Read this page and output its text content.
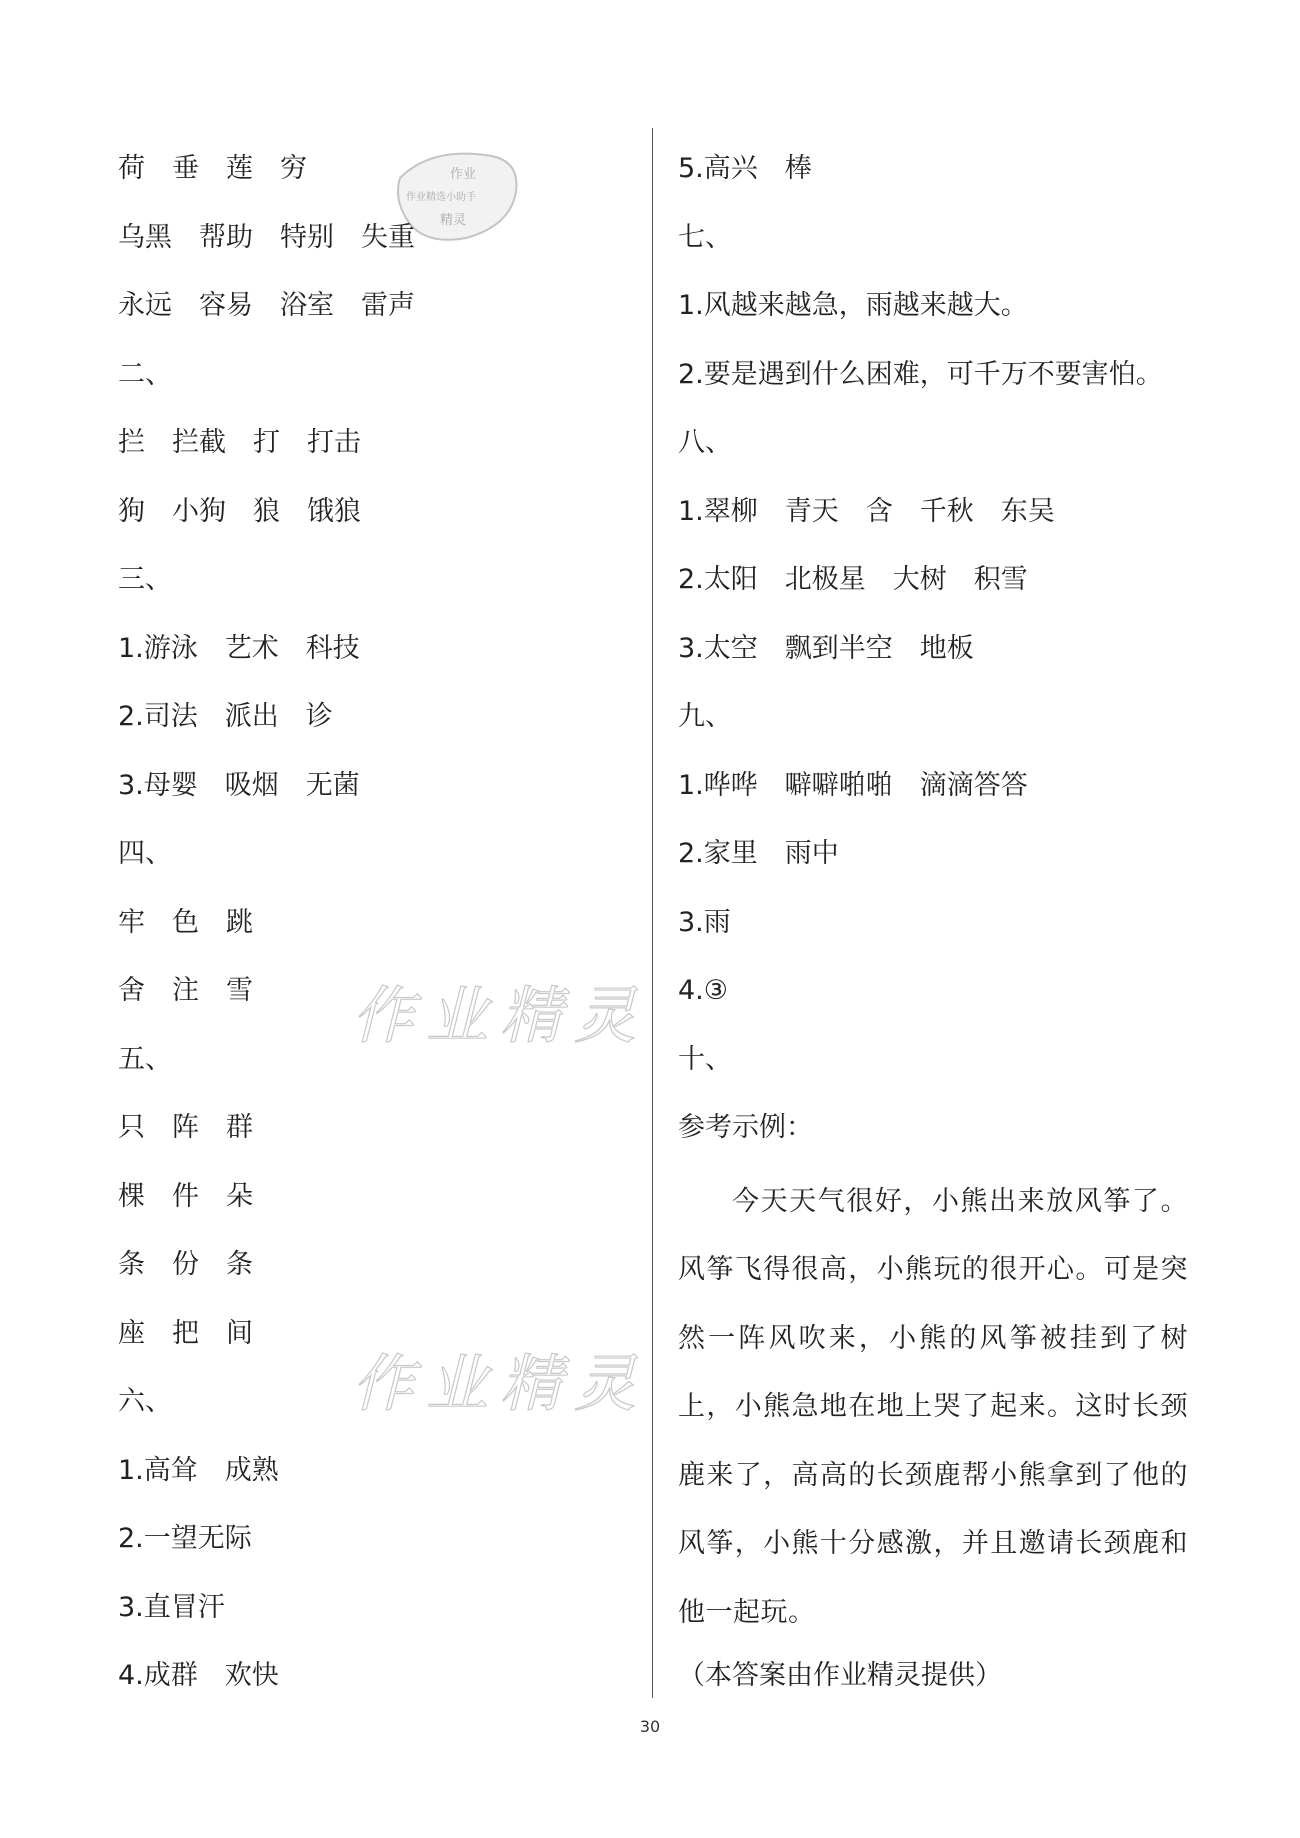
作业
作业精选小助手
精灵
作业精灵
作业精灵
荷　垂　莲　穷
乌黑　帮助　特别　失重
永远　容易　浴室　雷声
二、
拦　拦截　打　打击
狗　小狗　狼　饿狼
三、
1.游泳　艺术　科技
2.司法　派出　诊
3.母婴　吸烟　无菌
四、
牢　色　跳
舍　注　雪
五、
只　阵　群
棵　件　朵
条　份　条
座　把　间
六、
1.高耸　成熟
2.一望无际
3.直冒汗
4.成群　欢快
5.高兴　棒
七、
1.风越来越急，雨越来越大。
2.要是遇到什么困难，可千万不要害怕。
八、
1.翠柳　青天　含　千秋　东吴
2.太阳　北极星　大树　积雪
3.太空　飘到半空　地板
九、
1.哗哗　噼噼啪啪　滴滴答答
2.家里　雨中
3.雨
4.③
十、
参考示例：
今天天气很好，小熊出来放风筝了。风筝飞得很高，小熊玩的很开心。可是突然一阵风吹来，小熊的风筝被挂到了树上，小熊急地在地上哭了起来。这时长颈鹿来了，高高的长颈鹿帮小熊拿到了他的风筝，小熊十分感激，并且邀请长颈鹿和他一起玩。
（本答案由作业精灵提供）
30
